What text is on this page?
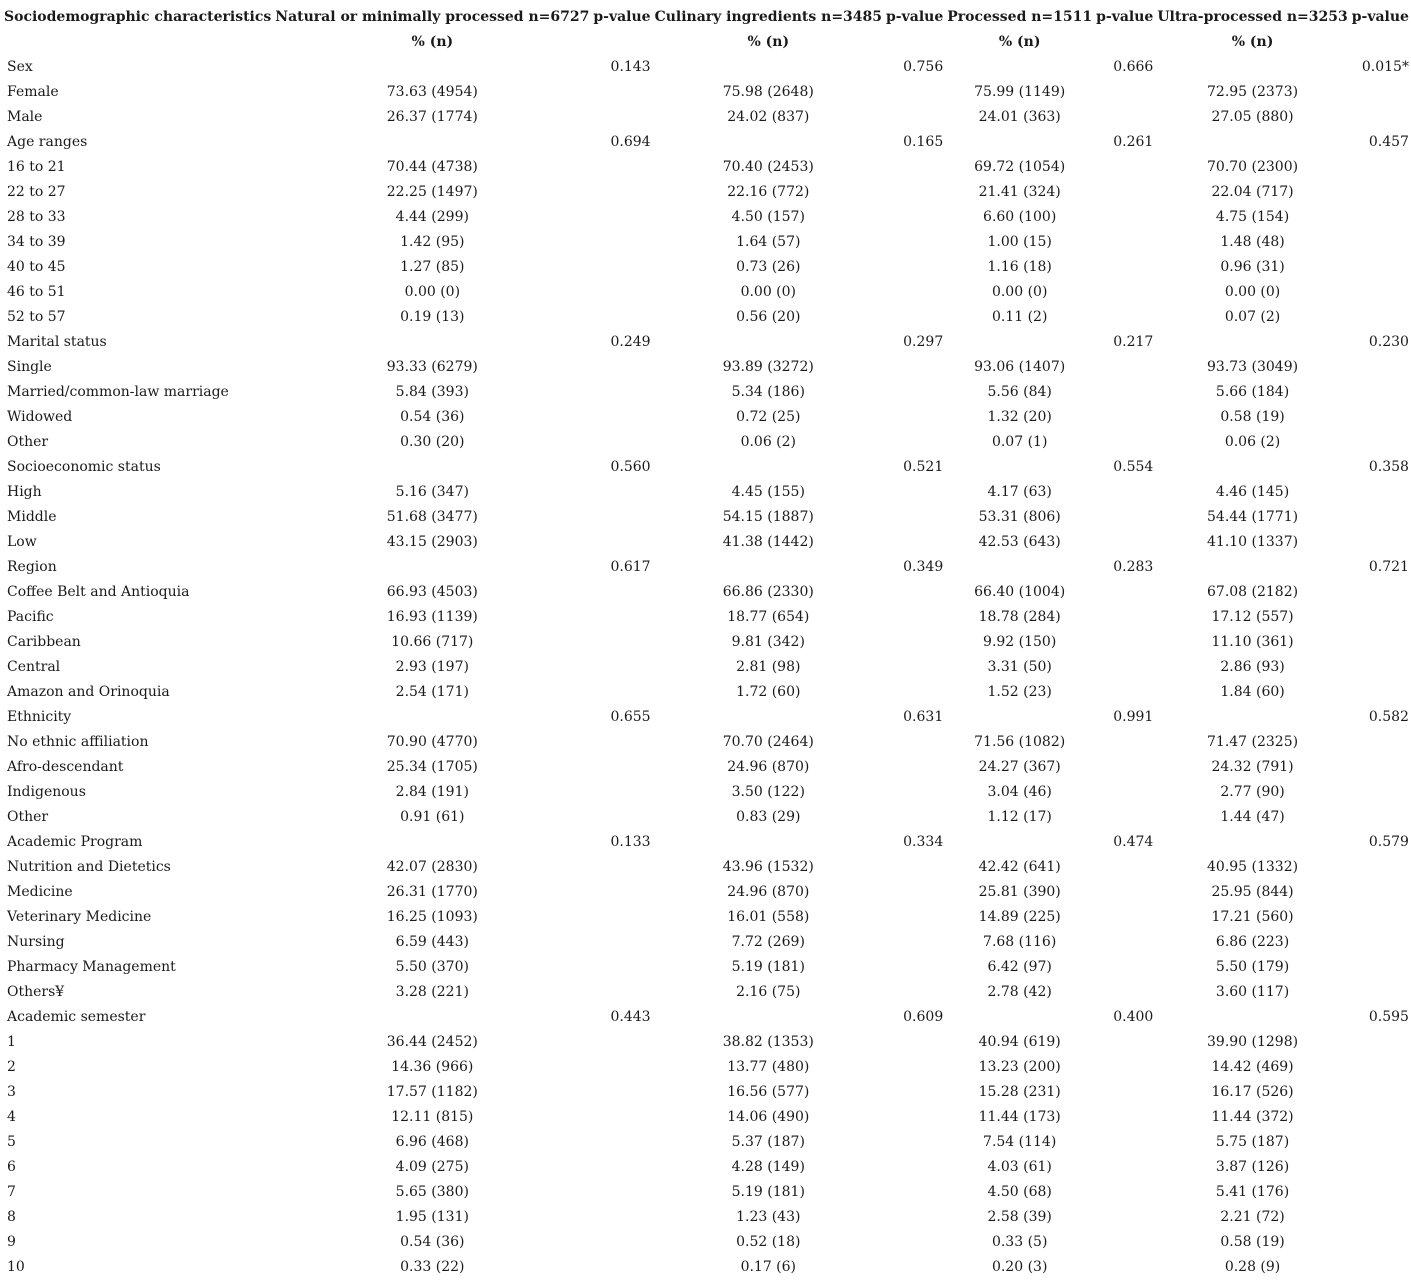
Sociodemographic characteristics	Natural or minimally processed n=6727	p-value	Culinary ingredients n=3485	p-value	Processed n=1511	p-value	Ultra-processed n=3253	p-value
	% (n)		% (n)		% (n)		% (n)	
Sex		0.143		0.756		0.666		0.015*
Female	73.63 (4954)		75.98 (2648)		75.99 (1149)		72.95 (2373)	
Male	26.37 (1774)		24.02 (837)		24.01 (363)		27.05 (880)	
Age ranges		0.694		0.165		0.261		0.457
16 to 21	70.44 (4738)		70.40 (2453)		69.72 (1054)		70.70 (2300)	
22 to 27	22.25 (1497)		22.16 (772)		21.41 (324)		22.04 (717)	
28 to 33	4.44 (299)		4.50 (157)		6.60 (100)		4.75 (154)	
34 to 39	1.42 (95)		1.64 (57)		1.00 (15)		1.48 (48)	
40 to 45	1.27 (85)		0.73 (26)		1.16 (18)		0.96 (31)	
46 to 51	0.00 (0)		0.00 (0)		0.00 (0)		0.00 (0)	
52 to 57	0.19 (13)		0.56 (20)		0.11 (2)		0.07 (2)	
Marital status		0.249		0.297		0.217		0.230
Single	93.33 (6279)		93.89 (3272)		93.06 (1407)		93.73 (3049)	
Married/common-law marriage	5.84 (393)		5.34 (186)		5.56 (84)		5.66 (184)	
Widowed	0.54 (36)		0.72 (25)		1.32 (20)		0.58 (19)	
Other	0.30 (20)		0.06 (2)		0.07 (1)		0.06 (2)	
Socioeconomic status		0.560		0.521		0.554		0.358
High	5.16 (347)		4.45 (155)		4.17 (63)		4.46 (145)	
Middle	51.68 (3477)		54.15 (1887)		53.31 (806)		54.44 (1771)	
Low	43.15 (2903)		41.38 (1442)		42.53 (643)		41.10 (1337)	
Region		0.617		0.349		0.283		0.721
Coffee Belt and Antioquia	66.93 (4503)		66.86 (2330)		66.40 (1004)		67.08 (2182)	
Pacific	16.93 (1139)		18.77 (654)		18.78 (284)		17.12 (557)	
Caribbean	10.66 (717)		9.81 (342)		9.92 (150)		11.10 (361)	
Central	2.93 (197)		2.81 (98)		3.31 (50)		2.86 (93)	
Amazon and Orinoquia	2.54 (171)		1.72 (60)		1.52 (23)		1.84 (60)	
Ethnicity		0.655		0.631		0.991		0.582
No ethnic affiliation	70.90 (4770)		70.70 (2464)		71.56 (1082)		71.47 (2325)	
Afro-descendant	25.34 (1705)		24.96 (870)		24.27 (367)		24.32 (791)	
Indigenous	2.84 (191)		3.50 (122)		3.04 (46)		2.77 (90)	
Other	0.91 (61)		0.83 (29)		1.12 (17)		1.44 (47)	
Academic Program		0.133		0.334		0.474		0.579
Nutrition and Dietetics	42.07 (2830)		43.96 (1532)		42.42 (641)		40.95 (1332)	
Medicine	26.31 (1770)		24.96 (870)		25.81 (390)		25.95 (844)	
Veterinary Medicine	16.25 (1093)		16.01 (558)		14.89 (225)		17.21 (560)	
Nursing	6.59 (443)		7.72 (269)		7.68 (116)		6.86 (223)	
Pharmacy Management	5.50 (370)		5.19 (181)		6.42 (97)		5.50 (179)	
Others¥	3.28 (221)		2.16 (75)		2.78 (42)		3.60 (117)	
Academic semester		0.443		0.609		0.400		0.595
1	36.44 (2452)		38.82 (1353)		40.94 (619)		39.90 (1298)	
2	14.36 (966)		13.77 (480)		13.23 (200)		14.42 (469)	
3	17.57 (1182)		16.56 (577)		15.28 (231)		16.17 (526)	
4	12.11 (815)		14.06 (490)		11.44 (173)		11.44 (372)	
5	6.96 (468)		5.37 (187)		7.54 (114)		5.75 (187)	
6	4.09 (275)		4.28 (149)		4.03 (61)		3.87 (126)	
7	5.65 (380)		5.19 (181)		4.50 (68)		5.41 (176)	
8	1.95 (131)		1.23 (43)		2.58 (39)		2.21 (72)	
9	0.54 (36)		0.52 (18)		0.33 (5)		0.58 (19)	
10	0.33 (22)		0.17 (6)		0.20 (3)		0.28 (9)	
